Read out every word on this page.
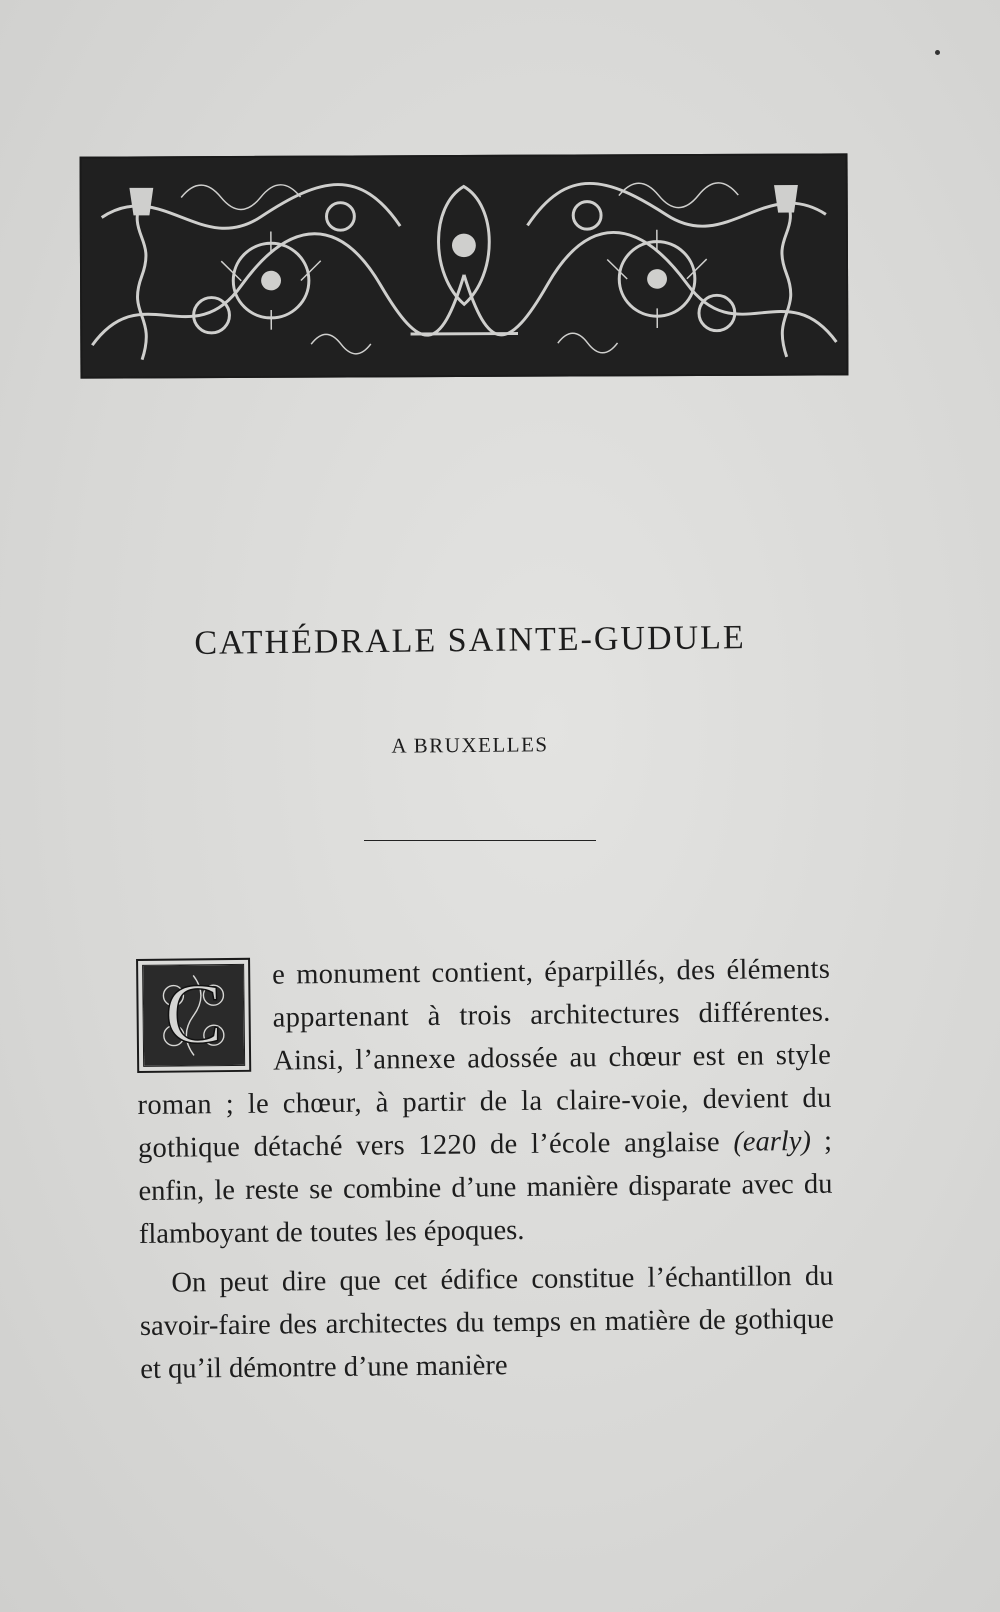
CATHÉDRALE SAINTE-GUDULE
A BRUXELLES
C	e monument contient, éparpillés, des éléments appartenant à trois architectures différentes. Ainsi, l’annexe adossée au chœur est en style roman ; le chœur, à partir de la claire-voie, devient du gothique détaché vers 1220 de l’école anglaise (early) ; enfin, le reste se combine d’une manière disparate avec du flamboyant de toutes les époques.

On peut dire que cet édifice constitue l’échantillon du savoir-faire des architectes du temps en matière de gothique et qu’il démontre d’une manière
